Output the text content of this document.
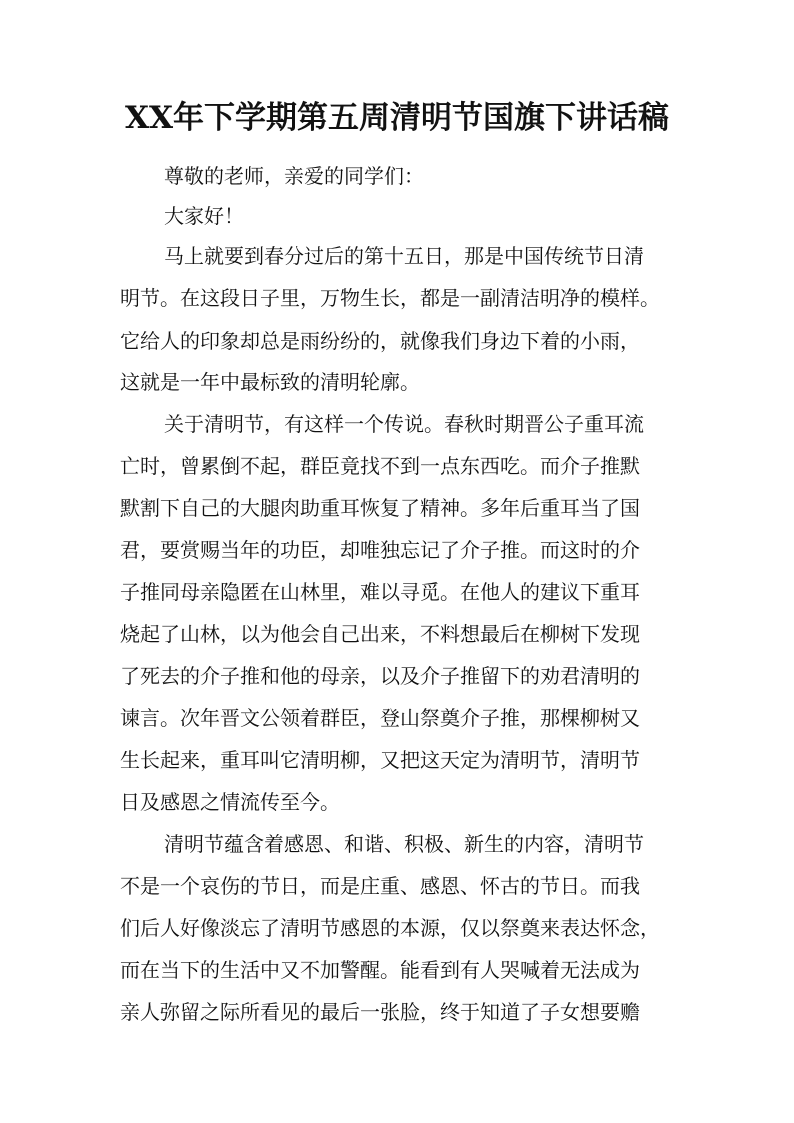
XX年下学期第五周清明节国旗下讲话稿
尊敬的老师，亲爱的同学们：
大家好！
马上就要到春分过后的第十五日，那是中国传统节日清
明节。在这段日子里，万物生长，都是一副清洁明净的模样。
它给人的印象却总是雨纷纷的，就像我们身边下着的小雨，
这就是一年中最标致的清明轮廓。
关于清明节，有这样一个传说。春秋时期晋公子重耳流
亡时，曾累倒不起，群臣竟找不到一点东西吃。而介子推默
默割下自己的大腿肉助重耳恢复了精神。多年后重耳当了国
君，要赏赐当年的功臣，却唯独忘记了介子推。而这时的介
子推同母亲隐匿在山林里，难以寻觅。在他人的建议下重耳
烧起了山林，以为他会自己出来，不料想最后在柳树下发现
了死去的介子推和他的母亲，以及介子推留下的劝君清明的
谏言。次年晋文公领着群臣，登山祭奠介子推，那棵柳树又
生长起来，重耳叫它清明柳，又把这天定为清明节，清明节
日及感恩之情流传至今。
清明节蕴含着感恩、和谐、积极、新生的内容，清明节
不是一个哀伤的节日，而是庄重、感恩、怀古的节日。而我
们后人好像淡忘了清明节感恩的本源，仅以祭奠来表达怀念，
而在当下的生活中又不加警醒。能看到有人哭喊着无法成为
亲人弥留之际所看见的最后一张脸，终于知道了子女想要赡
